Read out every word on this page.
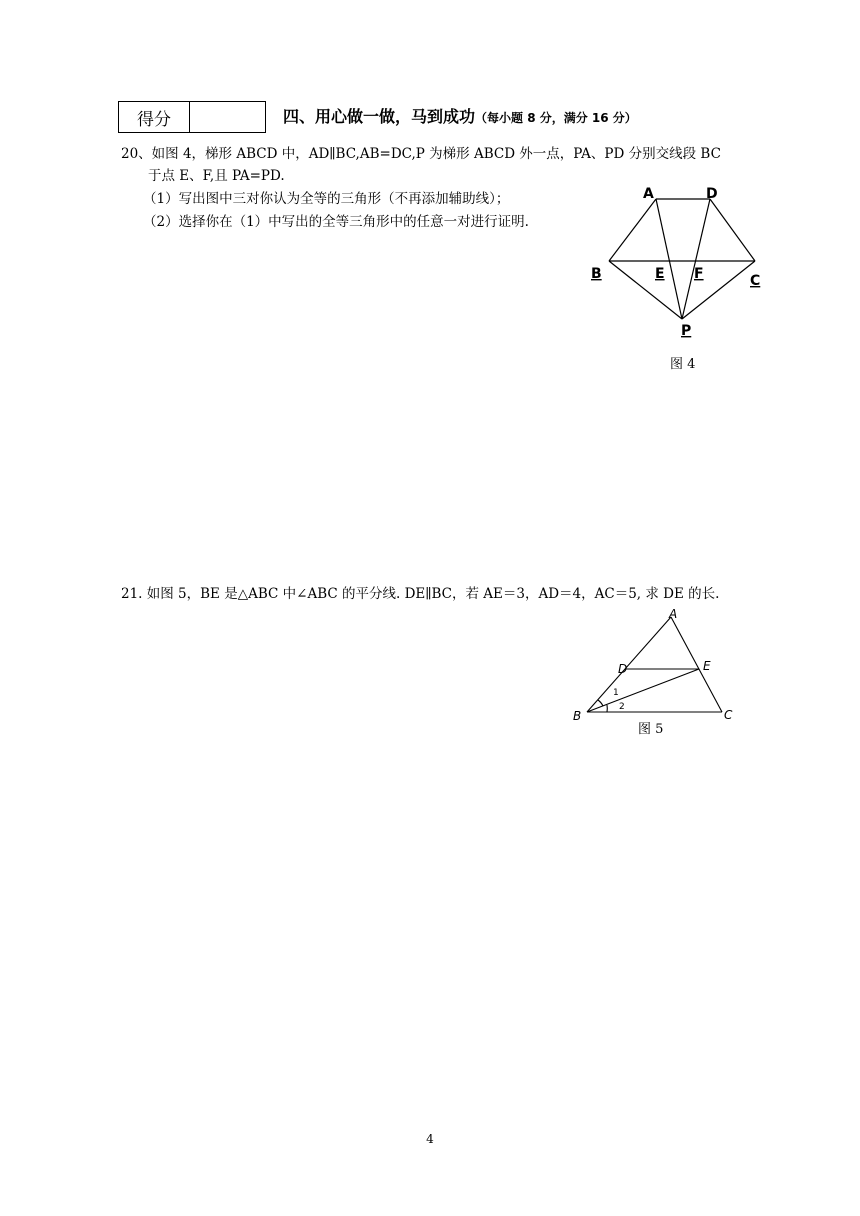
得分	四、用心做一做，马到成功（每小题 8 分，满分 16 分）
20、如图 4，梯形 ABCD 中，AD∥BC,AB=DC,P 为梯形 ABCD 外一点，PA、PD 分别交线段 BC
于点 E、F,且 PA=PD.
（1）写出图中三对你认为全等的三角形（不再添加辅助线）；
（2）选择你在（1）中写出的全等三角形中的任意一对进行证明.
A	D
B	E F	C
P
图 4
21. 如图 5，BE 是△ABC 中∠ABC 的平分线. DE∥BC，若 AE＝3，AD＝4，AC＝5, 求 DE 的长.
A
D	E
B	C
1
2
图 5
4
